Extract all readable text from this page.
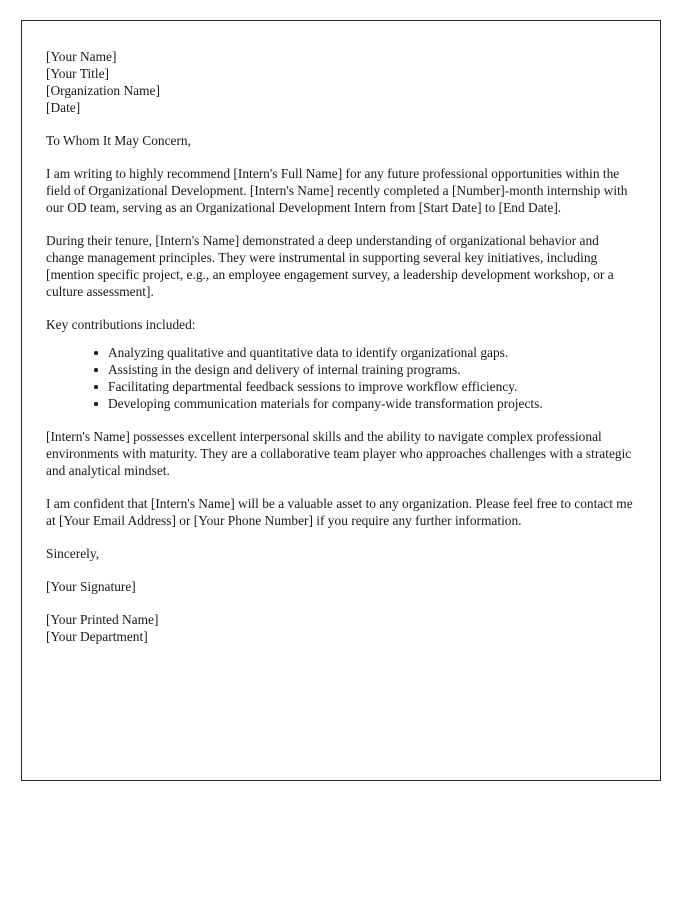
[Your Name]
[Your Title]
[Organization Name]
[Date]
To Whom It May Concern,

I am writing to highly recommend [Intern's Full Name] for any future professional opportunities within the field of Organizational Development. [Intern's Name] recently completed a [Number]-month internship with our OD team, serving as an Organizational Development Intern from [Start Date] to [End Date].

During their tenure, [Intern's Name] demonstrated a deep understanding of organizational behavior and change management principles. They were instrumental in supporting several key initiatives, including [mention specific project, e.g., an employee engagement survey, a leadership development workshop, or a culture assessment].

Key contributions included:

Analyzing qualitative and quantitative data to identify organizational gaps.
Assisting in the design and delivery of internal training programs.
Facilitating departmental feedback sessions to improve workflow efficiency.
Developing communication materials for company-wide transformation projects.

[Intern's Name] possesses excellent interpersonal skills and the ability to navigate complex professional environments with maturity. They are a collaborative team player who approaches challenges with a strategic and analytical mindset.

I am confident that [Intern's Name] will be a valuable asset to any organization. Please feel free to contact me at [Your Email Address] or [Your Phone Number] if you require any further information.

Sincerely,
[Your Signature]
[Your Printed Name]
[Your Department]
